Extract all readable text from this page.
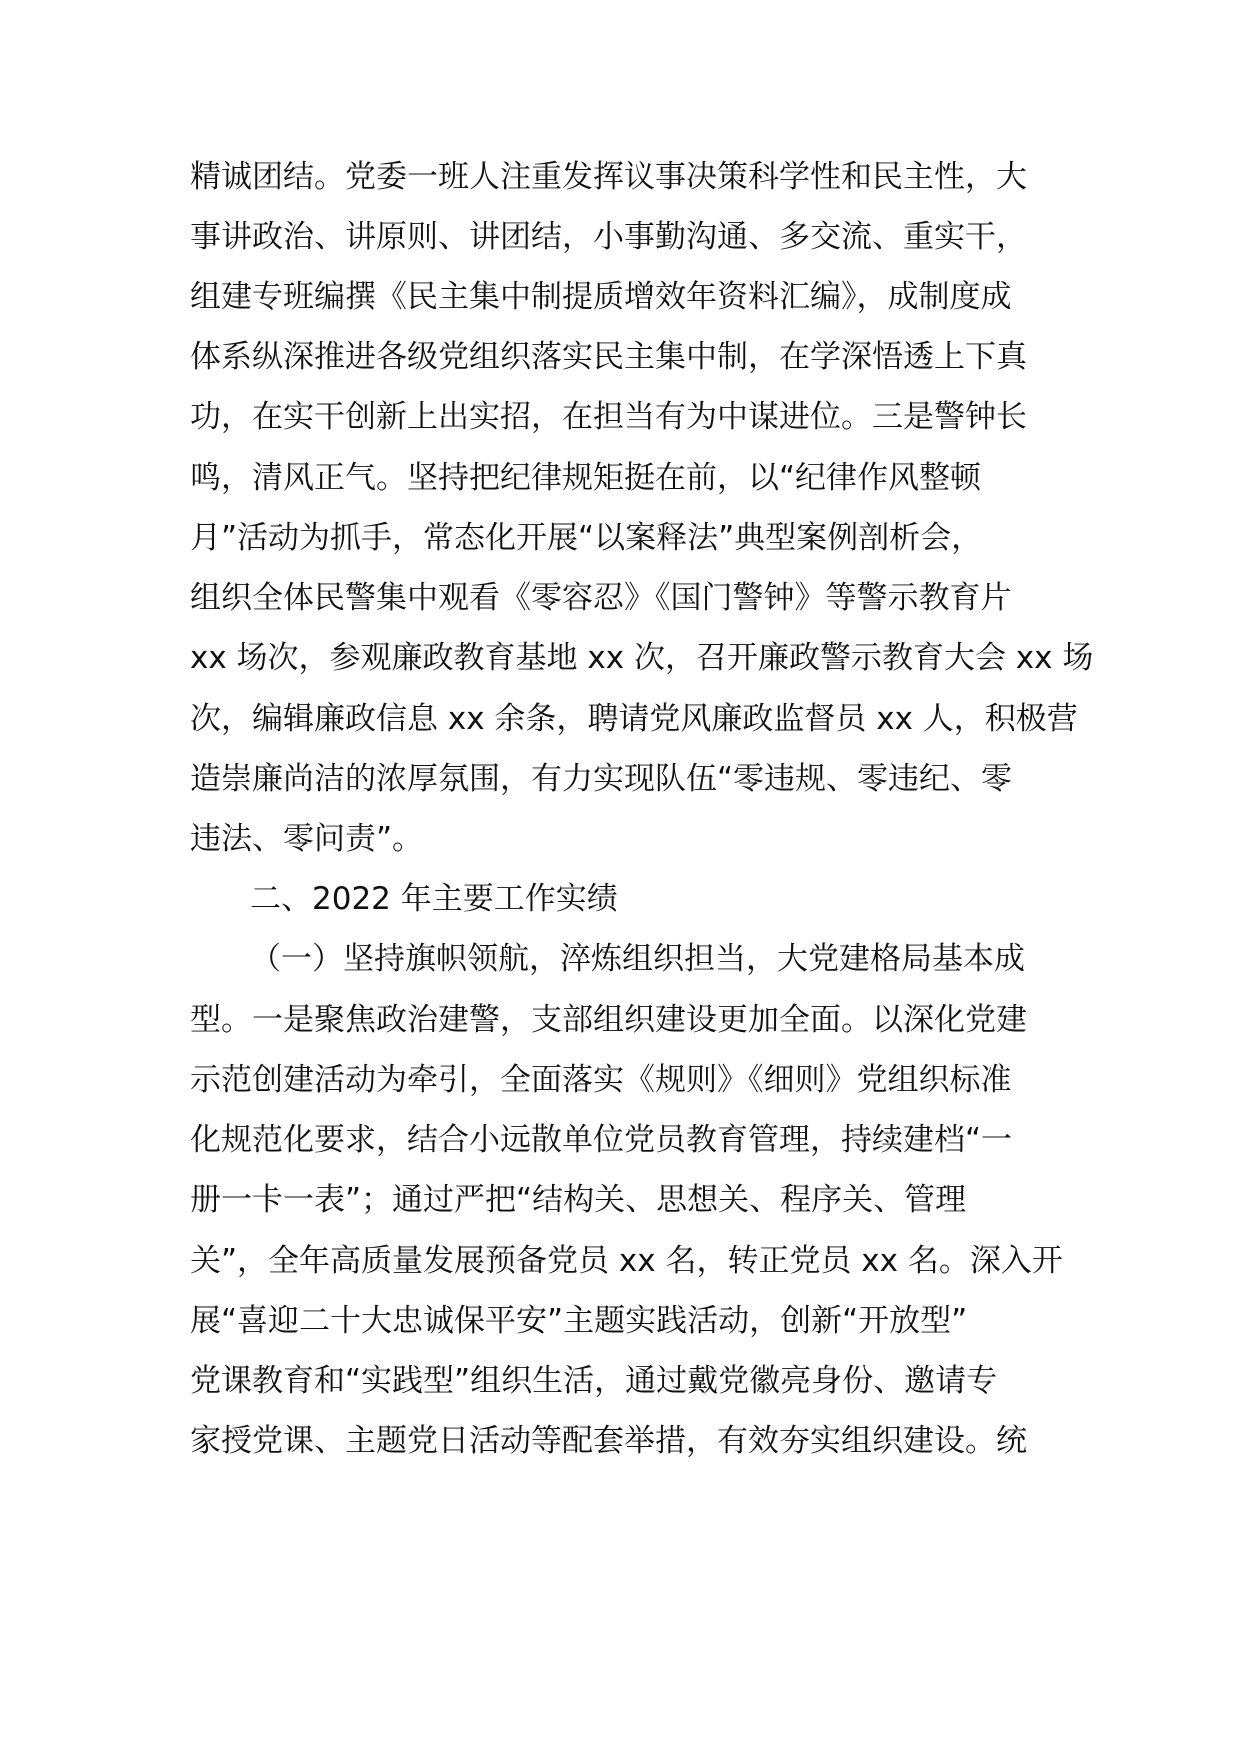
精诚团结。党委一班人注重发挥议事决策科学性和民主性，大

事讲政治、讲原则、讲团结，小事勤沟通、多交流、重实干，

组建专班编撰《民主集中制提质增效年资料汇编》，成制度成

体系纵深推进各级党组织落实民主集中制，在学深悟透上下真

功，在实干创新上出实招，在担当有为中谋进位。三是警钟长

鸣，清风正气。坚持把纪律规矩挺在前，以“纪律作风整顿

月”活动为抓手，常态化开展“以案释法”典型案例剖析会，

组织全体民警集中观看《零容忍》《国门警钟》等警示教育片

xx 场次，参观廉政教育基地 xx 次，召开廉政警示教育大会 xx 场

次，编辑廉政信息 xx 余条，聘请党风廉政监督员 xx 人，积极营

造崇廉尚洁的浓厚氛围，有力实现队伍“零违规、零违纪、零

违法、零问责”。

二、2022 年主要工作实绩

（一）坚持旗帜领航，淬炼组织担当，大党建格局基本成

型。一是聚焦政治建警，支部组织建设更加全面。以深化党建

示范创建活动为牵引，全面落实《规则》《细则》党组织标准

化规范化要求，结合小远散单位党员教育管理，持续建档“一

册一卡一表”；通过严把“结构关、思想关、程序关、管理

关”，全年高质量发展预备党员 xx 名，转正党员 xx 名。深入开

展“喜迎二十大忠诚保平安”主题实践活动，创新“开放型”

党课教育和“实践型”组织生活，通过戴党徽亮身份、邀请专

家授党课、主题党日活动等配套举措，有效夯实组织建设。统
